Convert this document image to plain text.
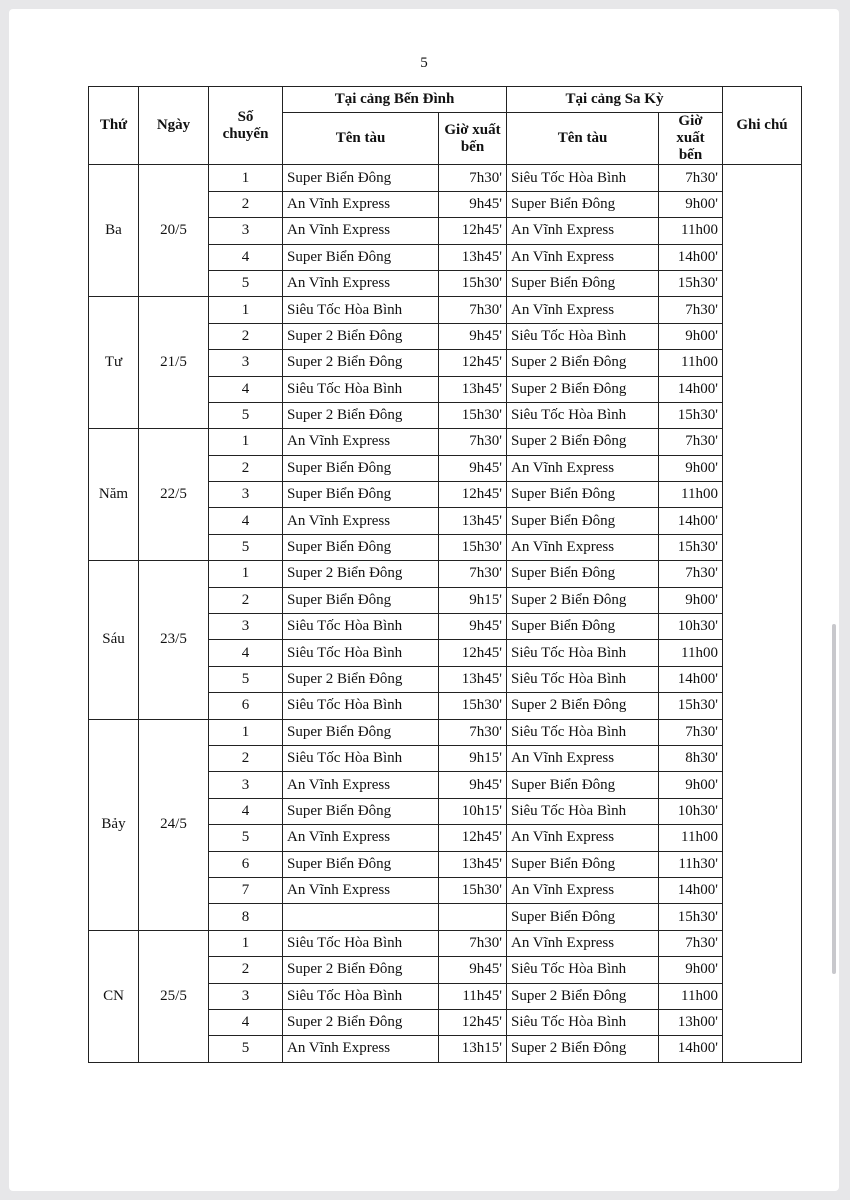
5
Thứ	Ngày	Số chuyến	Tại cảng Bến Đình		Tại cảng Sa Kỳ		Ghi chú
			Tên tàu	Giờ xuất bến	Tên tàu	Giờ xuất bến	
Ba	20/5	1	Super Biển Đông	7h30'	Siêu Tốc Hòa Bình	7h30'	
		2	An Vĩnh Express	9h45'	Super Biển Đông	9h00'	
		3	An Vĩnh Express	12h45'	An Vĩnh Express	11h00	
		4	Super Biển Đông	13h45'	An Vĩnh Express	14h00'	
		5	An Vĩnh Express	15h30'	Super Biển Đông	15h30'	
Tư	21/5	1	Siêu Tốc Hòa Bình	7h30'	An Vĩnh Express	7h30'	
		2	Super 2 Biển Đông	9h45'	Siêu Tốc Hòa Bình	9h00'	
		3	Super 2 Biển Đông	12h45'	Super 2 Biển Đông	11h00	
		4	Siêu Tốc Hòa Bình	13h45'	Super 2 Biển Đông	14h00'	
		5	Super 2 Biển Đông	15h30'	Siêu Tốc Hòa Bình	15h30'	
Năm	22/5	1	An Vĩnh Express	7h30'	Super 2 Biển Đông	7h30'	
		2	Super Biển Đông	9h45'	An Vĩnh Express	9h00'	
		3	Super Biển Đông	12h45'	Super Biển Đông	11h00	
		4	An Vĩnh Express	13h45'	Super Biển Đông	14h00'	
		5	Super Biển Đông	15h30'	An Vĩnh Express	15h30'	
Sáu	23/5	1	Super 2 Biển Đông	7h30'	Super Biển Đông	7h30'	
		2	Super Biển Đông	9h15'	Super 2 Biển Đông	9h00'	
		3	Siêu Tốc Hòa Bình	9h45'	Super Biển Đông	10h30'	
		4	Siêu Tốc Hòa Bình	12h45'	Siêu Tốc Hòa Bình	11h00	
		5	Super 2 Biển Đông	13h45'	Siêu Tốc Hòa Bình	14h00'	
		6	Siêu Tốc Hòa Bình	15h30'	Super 2 Biển Đông	15h30'	
Bảy	24/5	1	Super Biển Đông	7h30'	Siêu Tốc Hòa Bình	7h30'	
		2	Siêu Tốc Hòa Bình	9h15'	An Vĩnh Express	8h30'	
		3	An Vĩnh Express	9h45'	Super Biển Đông	9h00'	
		4	Super Biển Đông	10h15'	Siêu Tốc Hòa Bình	10h30'	
		5	An Vĩnh Express	12h45'	An Vĩnh Express	11h00	
		6	Super Biển Đông	13h45'	Super Biển Đông	11h30'	
		7	An Vĩnh Express	15h30'	An Vĩnh Express	14h00'	
		8			Super Biển Đông	15h30'	
CN	25/5	1	Siêu Tốc Hòa Bình	7h30'	An Vĩnh Express	7h30'	
		2	Super 2 Biển Đông	9h45'	Siêu Tốc Hòa Bình	9h00'	
		3	Siêu Tốc Hòa Bình	11h45'	Super 2 Biển Đông	11h00	
		4	Super 2 Biển Đông	12h45'	Siêu Tốc Hòa Bình	13h00'	
		5	An Vĩnh Express	13h15'	Super 2 Biển Đông	14h00'	
